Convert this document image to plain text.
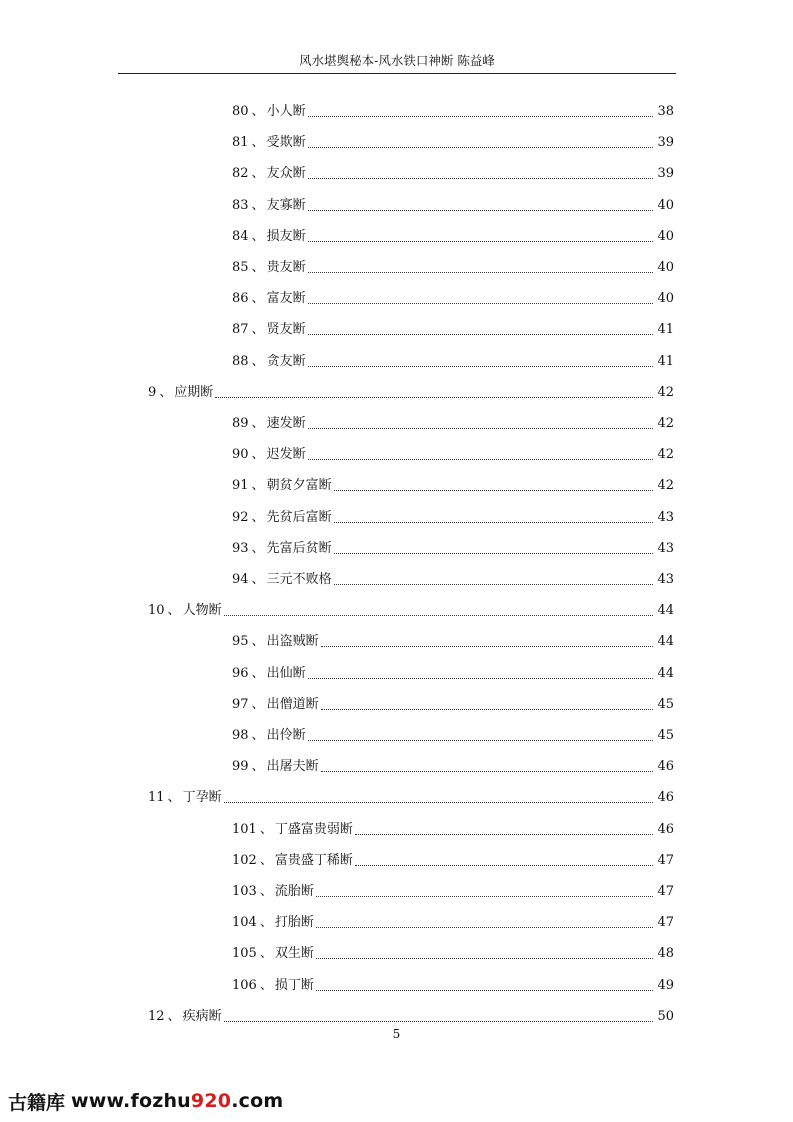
风水堪舆秘本-风水铁口神断 陈益峰
80 、 小人断	38
81 、 受欺断	39
82 、 友众断	39
83 、 友寡断	40
84 、 损友断	40
85 、 贵友断	40
86 、 富友断	40
87 、 贤友断	41
88 、 贪友断	41
9 、 应期断	42
89 、 速发断	42
90 、 迟发断	42
91 、 朝贫夕富断	42
92 、 先贫后富断	43
93 、 先富后贫断	43
94 、 三元不败格	43
10 、 人物断	44
95 、 出盗贼断	44
96 、 出仙断	44
97 、 出僧道断	45
98 、 出伶断	45
99 、 出屠夫断	46
11 、 丁孕断	46
101 、 丁盛富贵弱断	46
102 、 富贵盛丁稀断	47
103 、 流胎断	47
104 、 打胎断	47
105 、 双生断	48
106 、 损丁断	49
12 、 疾病断	50
5
古籍库 www.fozhu920.com
